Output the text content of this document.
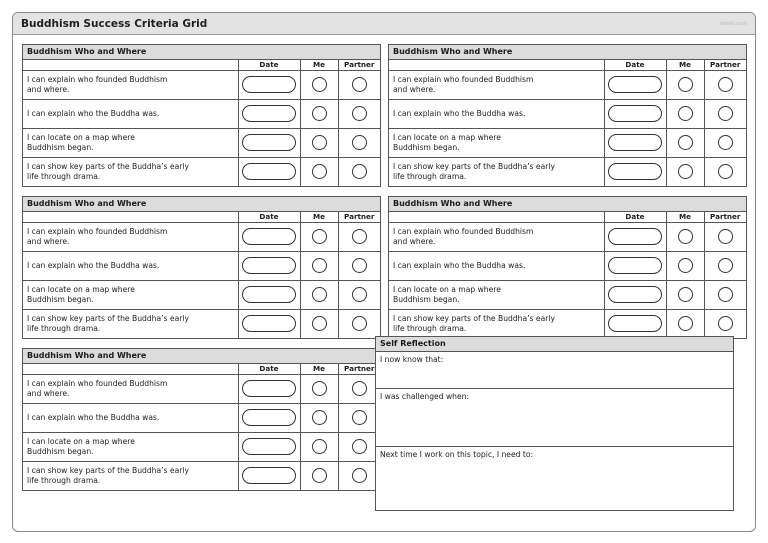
Buddhism Success Criteria Grid	twinkl.com
Buddhism Who and Where
	Date	Me	Partner

I can explain who founded Buddhism
and where.			

I can explain who the Buddha was.			

I can locate on a map where
Buddhism began.			

I can show key parts of the Buddha’s early
life through drama.			

Buddhism Who and Where
	Date	Me	Partner

I can explain who founded Buddhism
and where.			

I can explain who the Buddha was.			

I can locate on a map where
Buddhism began.			

I can show key parts of the Buddha’s early
life through drama.			

Buddhism Who and Where
	Date	Me	Partner

I can explain who founded Buddhism
and where.			

I can explain who the Buddha was.			

I can locate on a map where
Buddhism began.			

I can show key parts of the Buddha’s early
life through drama.			

Buddhism Who and Where
	Date	Me	Partner

I can explain who founded Buddhism
and where.			

I can explain who the Buddha was.			

I can locate on a map where
Buddhism began.			

I can show key parts of the Buddha’s early
life through drama.			

Buddhism Who and Where
	Date	Me	Partner

I can explain who founded Buddhism
and where.			

I can explain who the Buddha was.			

I can locate on a map where
Buddhism began.			

I can show key parts of the Buddha’s early
life through drama.			

Self Reflection
I now know that:
I was challenged when:
Next time I work on this topic, I need to:
